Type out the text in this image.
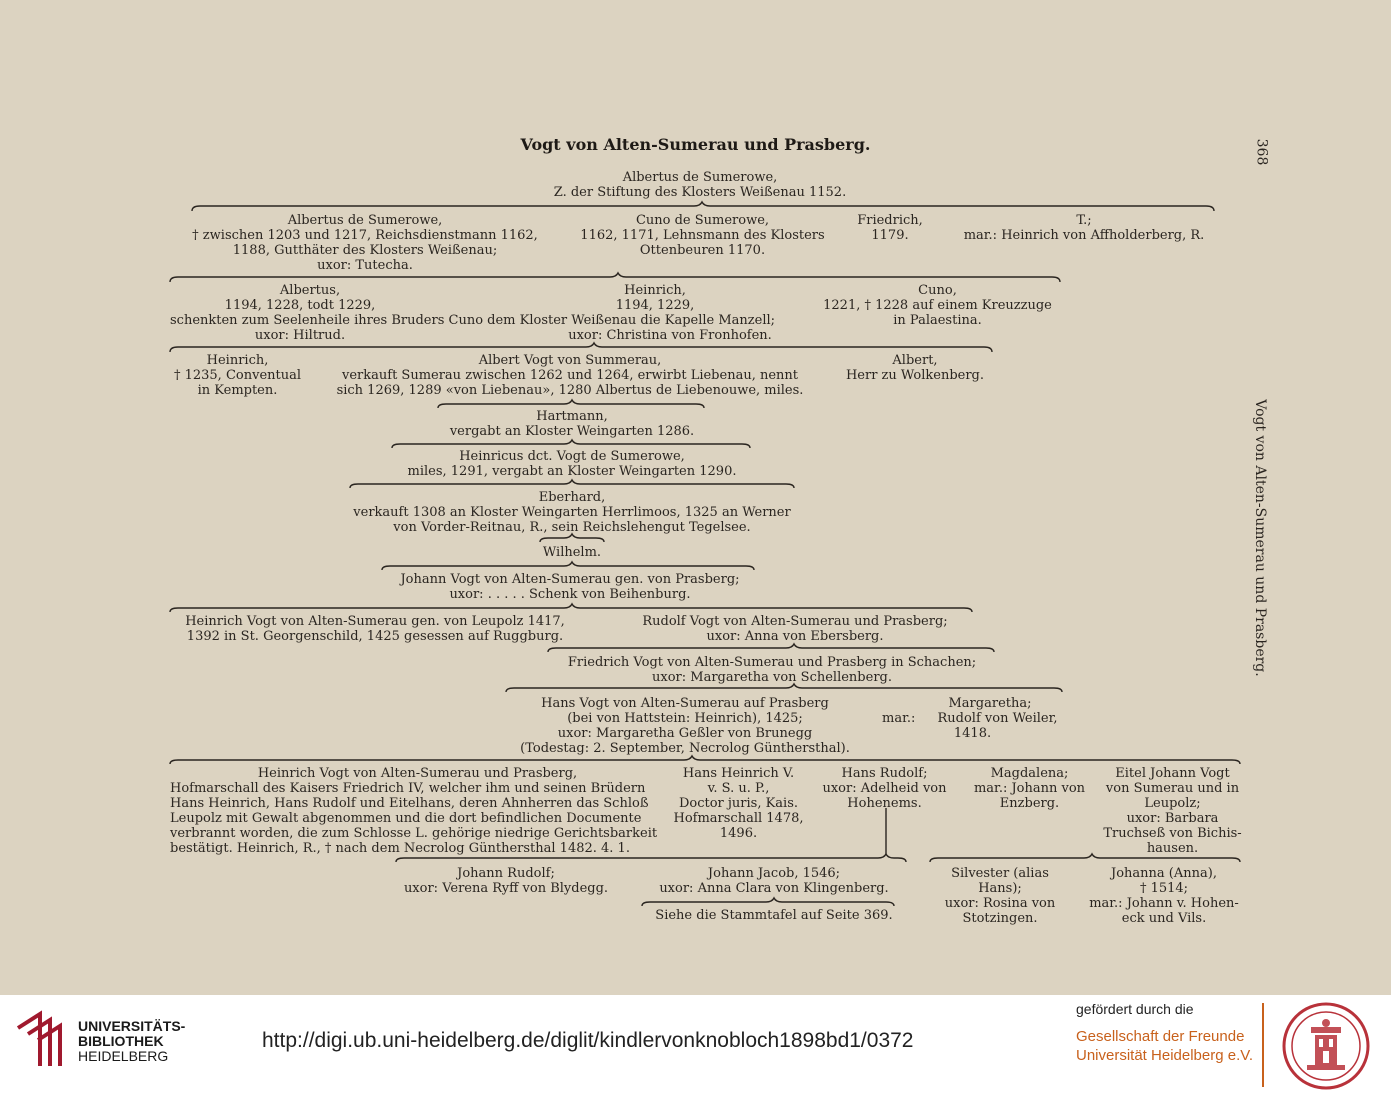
Vogt von Alten-Sumerau und Prasberg.	368
Vogt von Alten-Sumerau und Prasberg.
Albertus de Sumerowe,
Z. der Stiftung des Klosters Weißenau 1152.
Albertus de Sumerowe,
† zwischen 1203 und 1217, Reichsdienstmann 1162,
1188, Gutthäter des Klosters Weißenau;
uxor: Tutecha.
Cuno de Sumerowe,
1162, 1171, Lehnsmann des Klosters
Ottenbeuren 1170.
Friedrich,
1179.
T.;
mar.: Heinrich von Affholderberg, R.
Albertus,
1194, 1228, todt 1229,
schenkten zum Seelenheile ihres Bruders Cuno dem Kloster Weißenau die Kapelle Manzell;
uxor: Hiltrud.
Heinrich,
1194, 1229,
uxor: Christina von Fronhofen.
Cuno,
1221, † 1228 auf einem Kreuzzuge
in Palaestina.
Heinrich,
† 1235, Conventual
in Kempten.
Albert Vogt von Summerau,
verkauft Sumerau zwischen 1262 und 1264, erwirbt Liebenau, nennt
sich 1269, 1289 «von Liebenau», 1280 Albertus de Liebenouwe, miles.
Albert,
Herr zu Wolkenberg.
Hartmann,
vergabt an Kloster Weingarten 1286.
Heinricus dct. Vogt de Sumerowe,
miles, 1291, vergabt an Kloster Weingarten 1290.
Eberhard,
verkauft 1308 an Kloster Weingarten Herrlimoos, 1325 an Werner
von Vorder-Reitnau, R., sein Reichslehengut Tegelsee.
Wilhelm.
Johann Vogt von Alten-Sumerau gen. von Prasberg;
uxor: . . . . . Schenk von Beihenburg.
Heinrich Vogt von Alten-Sumerau gen. von Leupolz 1417,
1392 in St. Georgenschild, 1425 gesessen auf Ruggburg.
Rudolf Vogt von Alten-Sumerau und Prasberg;
uxor: Anna von Ebersberg.
Friedrich Vogt von Alten-Sumerau und Prasberg in Schachen;
uxor: Margaretha von Schellenberg.
Hans Vogt von Alten-Sumerau auf Prasberg
(bei von Hattstein: Heinrich), 1425;
uxor: Margaretha Geßler von Brunegg
(Todestag: 2. September, Necrolog Günthersthal).
Margaretha;
mar.:	Rudolf von Weiler,
1418.
Heinrich Vogt von Alten-Sumerau und Prasberg,
Hofmarschall des Kaisers Friedrich IV, welcher ihm und seinen Brüdern
Hans Heinrich, Hans Rudolf und Eitelhans, deren Ahnherren das Schloß
Leupolz mit Gewalt abgenommen und die dort befindlichen Documente
verbrannt worden, die zum Schlosse L. gehörige niedrige Gerichtsbarkeit
bestätigt. Heinrich, R., † nach dem Necrolog Günthersthal 1482. 4. 1.
Hans Heinrich V.
v. S. u. P.,
Doctor juris, Kais.
Hofmarschall 1478,
1496.
Hans Rudolf;
uxor: Adelheid von
Hohenems.
Magdalena;
mar.: Johann von
Enzberg.
Eitel Johann Vogt
von Sumerau und in
Leupolz;
uxor: Barbara
Truchseß von Bichis-
hausen.
Johann Rudolf;
uxor: Verena Ryff von Blydegg.
Johann Jacob, 1546;
uxor: Anna Clara von Klingenberg.
Silvester (alias
Hans);
uxor: Rosina von
Stotzingen.
Johanna (Anna),
† 1514;
mar.: Johann v. Hohen-
eck und Vils.
Siehe die Stammtafel auf Seite 369.
UNIVERSITÄTS-
BIBLIOTHEK
HEIDELBERG
http://digi.ub.uni-heidelberg.de/diglit/kindlervonknobloch1898bd1/0372
gefördert durch die
Gesellschaft der Freunde
Universität Heidelberg e.V.
